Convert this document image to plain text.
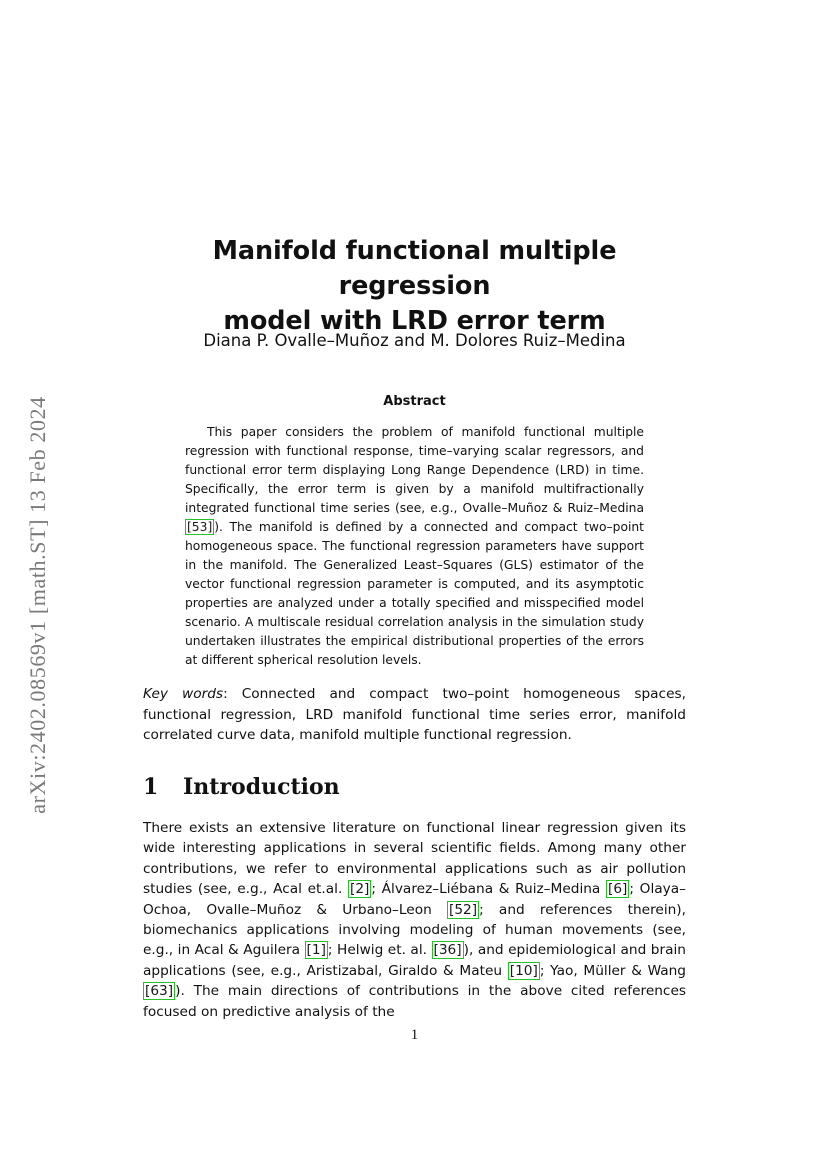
arXiv:2402.08569v1 [math.ST] 13 Feb 2024
Manifold functional multiple regression
model with LRD error term
Diana P. Ovalle–Muñoz and M. Dolores Ruiz–Medina
Abstract

This paper considers the problem of manifold functional multiple regression with functional response, time–varying scalar regressors, and functional error term displaying Long Range Dependence (LRD) in time. Specifically, the error term is given by a manifold multifractionally integrated functional time series (see, e.g., Ovalle–Muñoz & Ruiz–Medina [53] ). The manifold is defined by a connected and compact two–point homogeneous space. The functional regression parameters have support in the manifold. The Generalized Least–Squares (GLS) estimator of the vector functional regression parameter is computed, and its asymptotic properties are analyzed under a totally specified and misspecified model scenario. A multiscale residual correlation analysis in the simulation study undertaken illustrates the empirical distributional properties of the errors at different spherical resolution levels.

Key words: Connected and compact two–point homogeneous spaces, functional regression, LRD manifold functional time series error, manifold correlated curve data, manifold multiple functional regression.

1 Introduction

There exists an extensive literature on functional linear regression given its wide interesting applications in several scientific fields. Among many other contributions, we refer to environmental applications such as air pollution studies (see, e.g., Acal et.al. [2] ; Álvarez–Liébana & Ruiz–Medina [6] ; Olaya–Ochoa, Ovalle–Muñoz & Urbano–Leon [52] ; and references therein), biomechanics applications involving modeling of human movements (see, e.g., in Acal & Aguilera [1] ; Helwig et. al. [36] ), and epidemiological and brain applications (see, e.g., Aristizabal, Giraldo & Mateu [10] ; Yao, Müller & Wang [63] ). The main directions of contributions in the above cited references focused on predictive analysis of the

1
